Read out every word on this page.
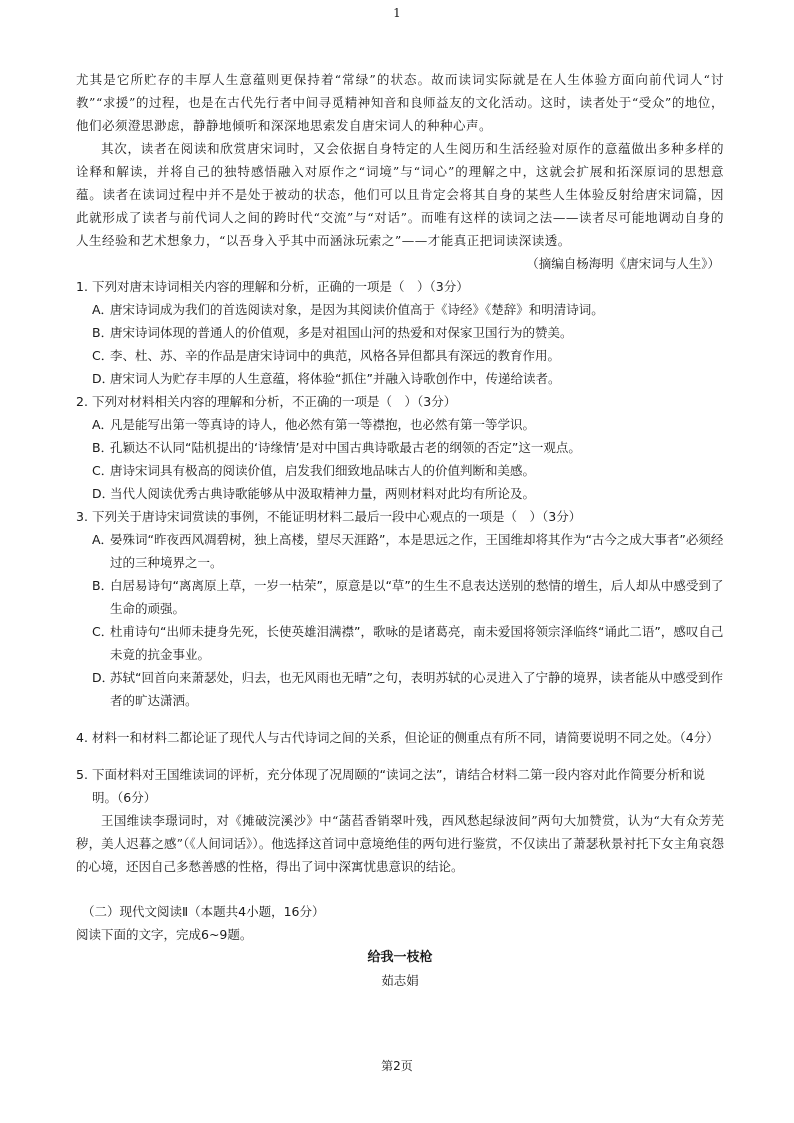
1

尤其是它所贮存的丰厚人生意蕴则更保持着“常绿”的状态。故而读词实际就是在人生体验方面向前代词人“讨教”“求援”的过程，也是在古代先行者中间寻觅精神知音和良师益友的文化活动。这时，读者处于“受众”的地位，他们必须澄思渺虑，静静地倾听和深深地思索发自唐宋词人的种种心声。

其次，读者在阅读和欣赏唐宋词时，又会依据自身特定的人生阅历和生活经验对原作的意蕴做出多种多样的诠释和解读，并将自己的独特感悟融入对原作之“词境”与“词心”的理解之中，这就会扩展和拓深原词的思想意蕴。读者在读词过程中并不是处于被动的状态，他们可以且肯定会将其自身的某些人生体验反射给唐宋词篇，因此就形成了读者与前代词人之间的跨时代“交流”与“对话”。而唯有这样的读词之法——读者尽可能地调动自身的人生经验和艺术想象力，“以吾身入乎其中而涵泳玩索之”——才能真正把词读深读透。

（摘编自杨海明《唐宋词与人生》）

1. 下列对唐末诗词相关内容的理解和分析，正确的一项是（　）（3分）

A．
唐宋诗词成为我们的首选阅读对象，是因为其阅读价值高于《诗经》《楚辞》和明清诗词。

B．
唐宋诗词体现的普通人的价值观，多是对祖国山河的热爱和对保家卫国行为的赞美。

C．
李、杜、苏、辛的作品是唐宋诗词中的典范，风格各异但都具有深远的教育作用。

D．
唐宋词人为贮存丰厚的人生意蕴，将体验“抓住”并融入诗歌创作中，传递给读者。

2. 下列对材料相关内容的理解和分析，不正确的一项是（　）（3分）

A．
凡是能写出第一等真诗的诗人，他必然有第一等襟抱，也必然有第一等学识。

B．
孔颖达不认同“陆机提出的‘诗缘情’是对中国古典诗歌最古老的纲领的否定”这一观点。

C．
唐诗宋词具有极高的阅读价值，启发我们细致地品味古人的价值判断和美感。

D．
当代人阅读优秀古典诗歌能够从中汲取精神力量，两则材料对此均有所论及。

3. 下列关于唐诗宋词赏读的事例，不能证明材料二最后一段中心观点的一项是（　）（3分）

A．
晏殊词“昨夜西风凋碧树，独上高楼，望尽天涯路”，本是思远之作，王国维却将其作为“古今之成大事者”必须经过的三种境界之一。

B．
白居易诗句“离离原上草，一岁一枯荣”，原意是以“草”的生生不息表达送别的愁情的增生，后人却从中感受到了生命的顽强。

C．
杜甫诗句“出师未捷身先死，长使英雄泪满襟”，歌咏的是诸葛亮，南未爱国将领宗泽临终“诵此二语”，感叹自己未竟的抗金事业。

D．
苏轼“回首向来萧瑟处，归去，也无风雨也无晴”之句，表明苏轼的心灵进入了宁静的境界，读者能从中感受到作者的旷达潇洒。

4. 材料一和材料二都论证了现代人与古代诗词之间的关系，但论证的侧重点有所不同，请简要说明不同之处。（4分）

5. 下面材料对王国维读词的评析，充分体现了况周颐的“读词之法”，请结合材料二第一段内容对此作简要分析和说明。（6分）

王国维读李璟词时，对《摊破浣溪沙》中“菡萏香销翠叶残，西风愁起绿波间”两句大加赞赏，认为“大有众芳芜秽，美人迟暮之感”（《人间词话》）。他选择这首词中意境绝佳的两句进行鉴赏，不仅读出了萧瑟秋景衬托下女主角哀怨的心境，还因自己多愁善感的性格，得出了词中深寓忧患意识的结论。

（二）现代文阅读Ⅱ（本题共4小题，16分）

阅读下面的文字，完成6~9题。

给我一枝枪

茹志娟

第2页
